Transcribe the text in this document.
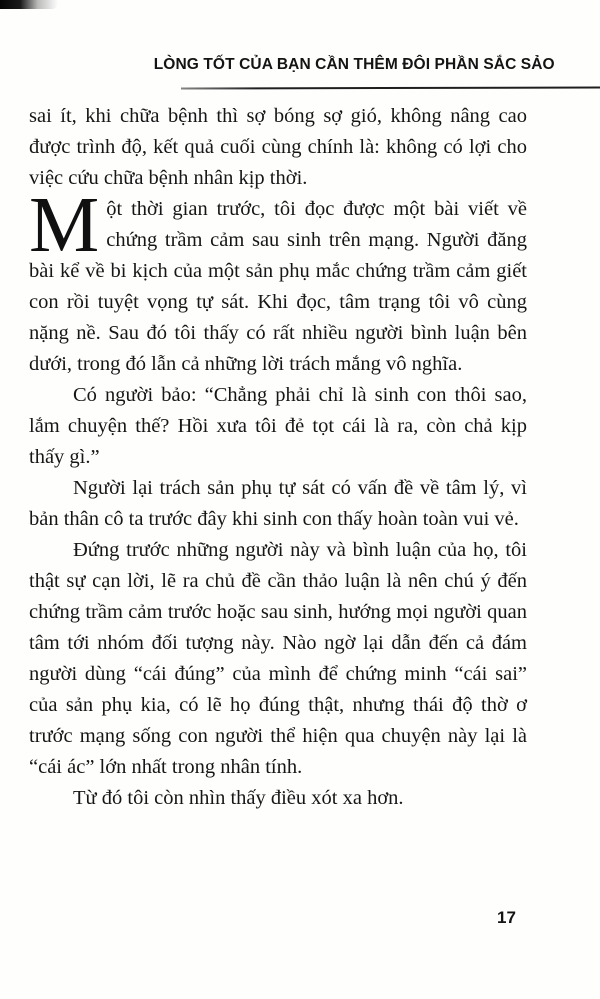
LÒNG TỐT CỦA BẠN CẦN THÊM ĐÔI PHẦN SẮC SẢO

sai ít, khi chữa bệnh thì sợ bóng sợ gió, không nâng cao được trình độ, kết quả cuối cùng chính là: không có lợi cho việc cứu chữa bệnh nhân kịp thời.

Một thời gian trước, tôi đọc được một bài viết về chứng trầm cảm sau sinh trên mạng. Người đăng bài kể về bi kịch của một sản phụ mắc chứng trầm cảm giết con rồi tuyệt vọng tự sát. Khi đọc, tâm trạng tôi vô cùng nặng nề. Sau đó tôi thấy có rất nhiều người bình luận bên dưới, trong đó lẫn cả những lời trách mắng vô nghĩa.

Có người bảo: “Chẳng phải chỉ là sinh con thôi sao, lắm chuyện thế? Hồi xưa tôi đẻ tọt cái là ra, còn chả kịp thấy gì.”

Người lại trách sản phụ tự sát có vấn đề về tâm lý, vì bản thân cô ta trước đây khi sinh con thấy hoàn toàn vui vẻ.

Đứng trước những người này và bình luận của họ, tôi thật sự cạn lời, lẽ ra chủ đề cần thảo luận là nên chú ý đến chứng trầm cảm trước hoặc sau sinh, hướng mọi người quan tâm tới nhóm đối tượng này. Nào ngờ lại dẫn đến cả đám người dùng “cái đúng” của mình để chứng minh “cái sai” của sản phụ kia, có lẽ họ đúng thật, nhưng thái độ thờ ơ trước mạng sống con người thể hiện qua chuyện này lại là “cái ác” lớn nhất trong nhân tính.

Từ đó tôi còn nhìn thấy điều xót xa hơn.

17
